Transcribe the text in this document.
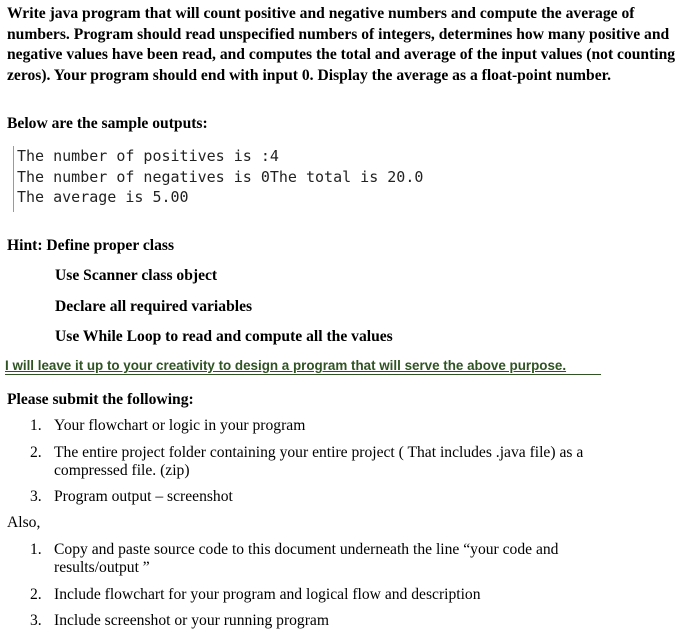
Write java program that will count positive and negative numbers and compute the average of numbers. Program should read unspecified numbers of integers, determines how many positive and negative values have been read, and computes the total and average of the input values (not counting zeros). Your program should end with input 0. Display the average as a float-point number.

Below are the sample outputs:

The number of positives is :4
The number of negatives is 0The total is 20.0
The average is 5.00

Hint: Define proper class

Use Scanner class object

Declare all required variables

Use While Loop to read and compute all the values

I will leave it up to your creativity to design a program that will serve the above purpose.

Please submit the following:

1. Your flowchart or logic in your program
2. The entire project folder containing your entire project ( That includes .java file) as a compressed file. (zip)
3. Program output – screenshot

Also,

1. Copy and paste source code to this document underneath the line “your code and results/output ”
2. Include flowchart for your program and logical flow and description
3. Include screenshot or your running program
